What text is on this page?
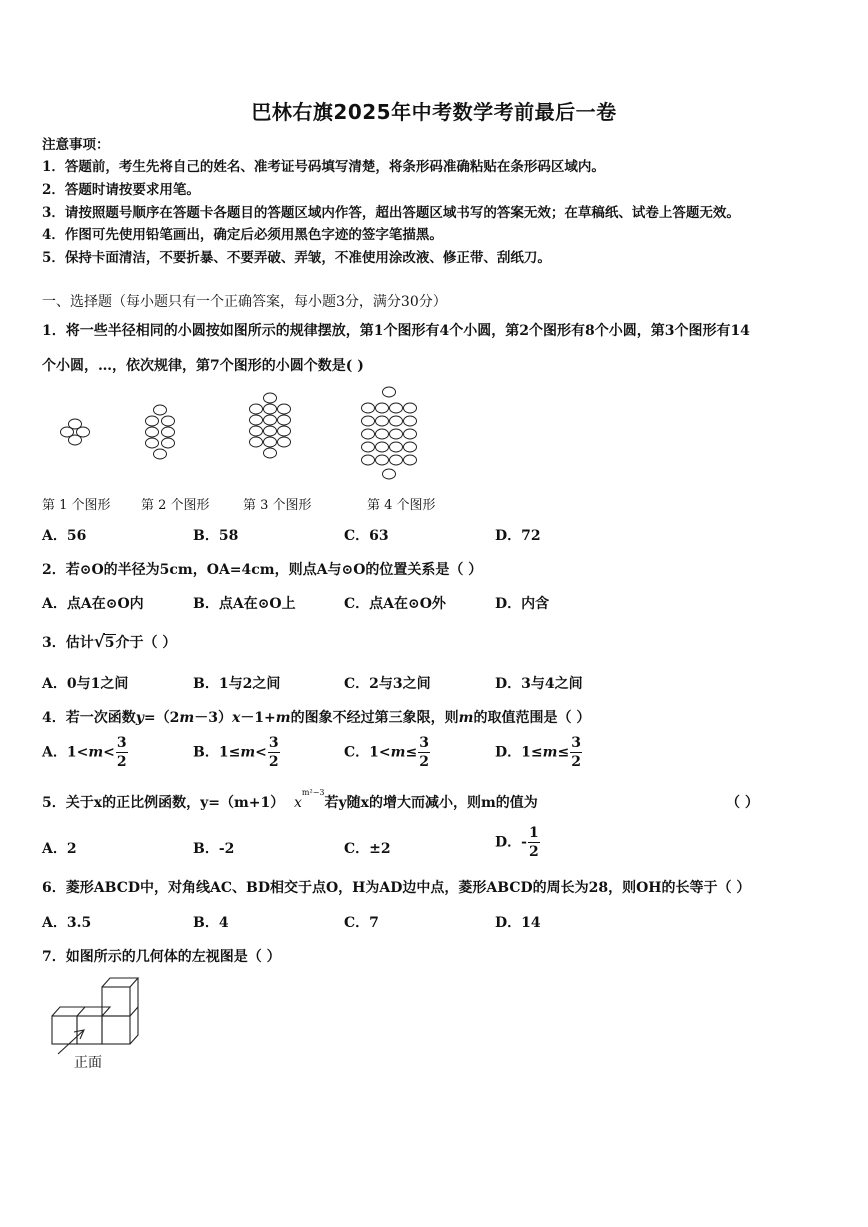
巴林右旗2025年中考数学考前最后一卷
注意事项：
1．答题前，考生先将自己的姓名、准考证号码填写清楚，将条形码准确粘贴在条形码区域内。
2．答题时请按要求用笔。
3．请按照题号顺序在答题卡各题目的答题区域内作答，超出答题区域书写的答案无效；在草稿纸、试卷上答题无效。
4．作图可先使用铅笔画出，确定后必须用黑色字迹的签字笔描黑。
5．保持卡面清洁，不要折暴、不要弄破、弄皱，不准使用涂改液、修正带、刮纸刀。
一、选择题（每小题只有一个正确答案，每小题3分，满分30分）
1．将一些半径相同的小圆按如图所示的规律摆放，第1个图形有4个小圆，第2个图形有8个小圆，第3个图形有14
个小圆，…，依次规律，第7个图形的小圆个数是( )
第 1 个图形 第 2 个图形	第 3 个图形	第 4 个图形
A．56	B．58	C．63	D．72
2．若⊙O的半径为5cm，OA=4cm，则点A与⊙O的位置关系是（ ）
A．点A在⊙O内	B．点A在⊙O上	C．点A在⊙O外	D．内含
3．估计 √ 5介于（ ）
A．0与1之间	B．1与2之间	C．2与3之间	D．3与4之间
4．若一次函数y=（2m－3）x－1+m的图象不经过第三象限，则m的取值范围是（ ）
A．$1<m< \frac{3}{2}$	B．$1\le m< \frac{3}{2}$	C．$1<m\le \frac{3}{2}$	D．$1\le m\le \frac{3}{2}$
5．关于x的正比例函数，y=（m+1） $x^{m^2-3}$若y随x的增大而减小，则m的值为	（ ）
A．2	B．-2	C．±2	D．- $\frac{1}{2}$
6．菱形ABCD中，对角线AC、BD相交于点O，H为AD边中点，菱形ABCD的周长为28，则OH的长等于（ ）
A．3.5	B．4	C．7	D．14
7．如图所示的几何体的左视图是（ ）
正面
